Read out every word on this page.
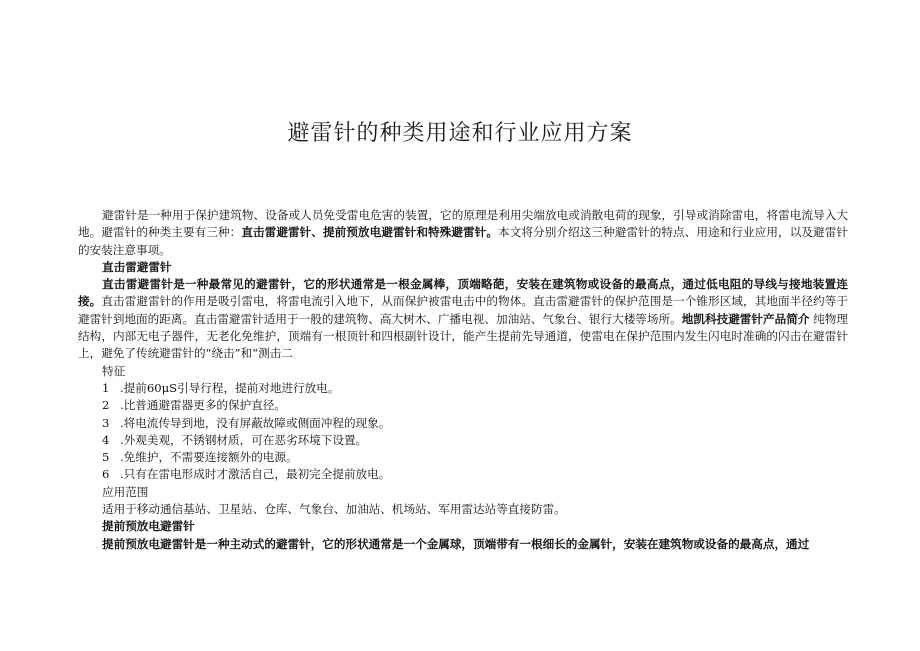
避雷针的种类用途和行业应用方案

避雷针是一种用于保护建筑物、设备或人员免受雷电危害的装置，它的原理是利用尖端放电或消散电荷的现象，引导或消除雷电，将雷电流导入大地。避雷针的种类主要有三种：直击雷避雷针、提前预放电避雷针和特殊避雷针。本文将分别介绍这三种避雷针的特点、用途和行业应用，以及避雷针的安装注意事项。

直击雷避雷针

直击雷避雷针是一种最常见的避雷针，它的形状通常是一根金属棒，顶端略葩，安装在建筑物或设备的最高点，通过低电阻的导线与接地装置连接。直击雷避雷针的作用是吸引雷电，将雷电流引入地下，从而保护被雷电击中的物体。直击雷避雷针的保护范围是一个锥形区域，其地面半径约等于避雷针到地面的距离。直击雷避雷针适用于一般的建筑物、高大树木、广播电视、加油站、气象台、银行大楼等场所。地凯科技避雷针产品简介 纯物理结构，内部无电子器件，无老化免维护，顶端有一根顶针和四根副针设计，能产生提前先导通道，使雷电在保护范围内发生闪电时准确的闪击在避雷针上，避免了传统避雷针的“绕击”和“测击二

特征

1 .提前60μS引导行程，提前对地进行放电。

2 .比普通避雷器更多的保护直径。

3 .将电流传导到地，没有屏蔽故障或侧面冲程的现象。

4 .外观美观，不锈钢材质，可在恶劣环境下设置。

5 .免维护，不需要连接额外的电源。

6 .只有在雷电形成时才激活自己，最初完全提前放电。

应用范围

适用于移动通信基站、卫星站、仓库、气象台、加油站、机场站、军用雷达站等直接防雷。

提前预放电避雷针

提前预放电避雷针是一种主动式的避雷针，它的形状通常是一个金属球，顶端带有一根细长的金属针，安装在建筑物或设备的最高点，通过
